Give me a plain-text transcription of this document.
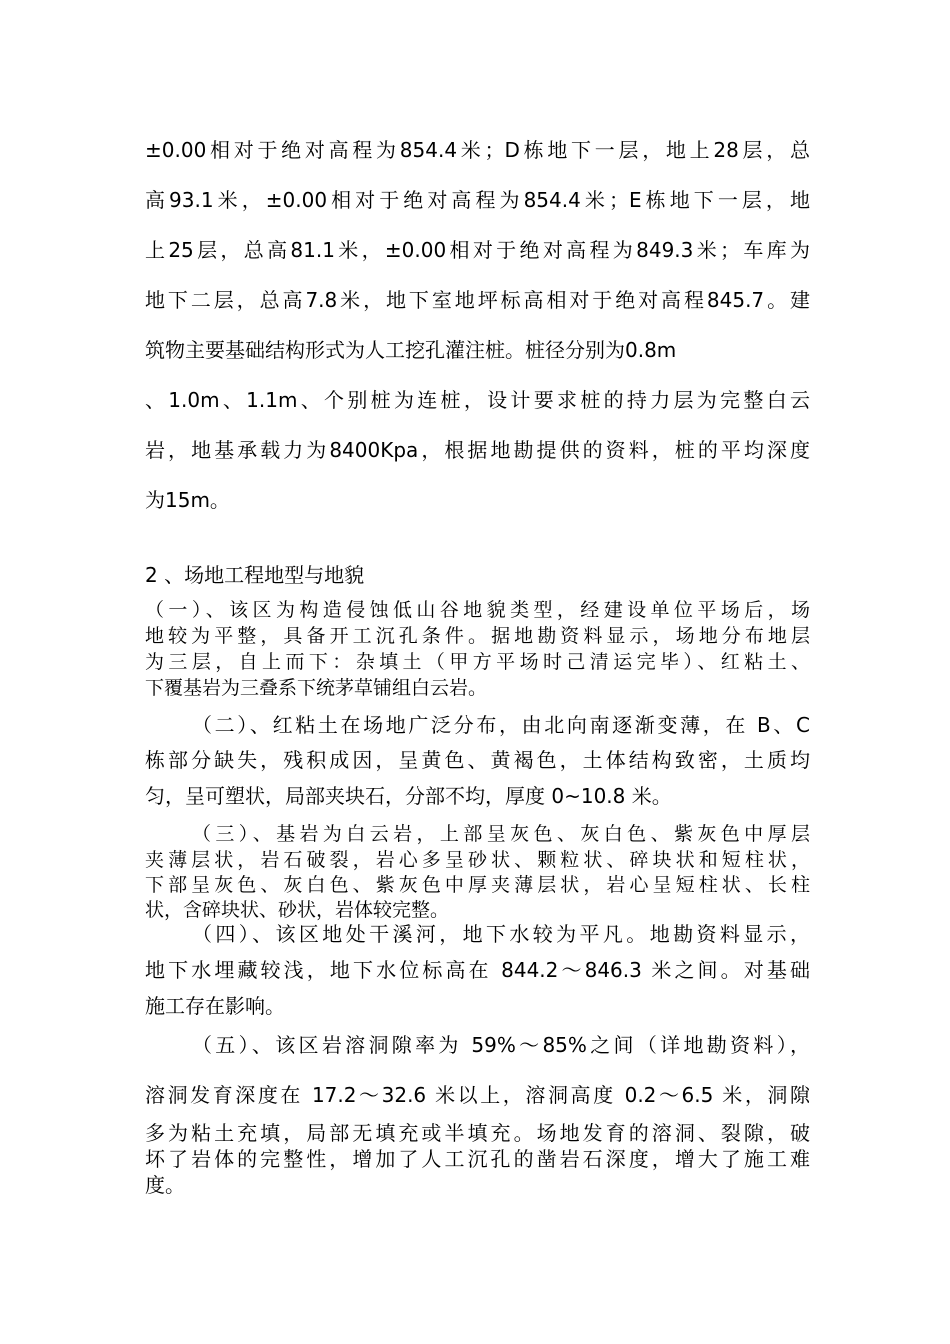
±0.00相对于绝对高程为854.4米；D栋地下一层，地上28层，总
高93.1米，±0.00相对于绝对高程为854.4米；E栋地下一层，地
上25层，总高81.1米，±0.00相对于绝对高程为849.3米；车库为
地下二层，总高7.8米，地下室地坪标高相对于绝对高程845.7。建
筑物主要基础结构形式为人工挖孔灌注桩。桩径分别为0.8m
、1.0m、1.1m、个别桩为连桩，设计要求桩的持力层为完整白云
岩，地基承载力为8400Kpa，根据地勘提供的资料，桩的平均深度
为15m。
2 、场地工程地型与地貌
（一）、该区为构造侵蚀低山谷地貌类型，经建设单位平场后，场
地较为平整，具备开工沉孔条件。据地勘资料显示，场地分布地层
为三层，自上而下：杂填土（甲方平场时己清运完毕）、红粘土、
下覆基岩为三叠系下统茅草铺组白云岩。
（二）、红粘土在场地广泛分布，由北向南逐渐变薄，在 B、C
栋部分缺失，残积成因，呈黄色、黄褐色，土体结构致密，土质均
匀，呈可塑状，局部夹块石，分部不均，厚度 0~10.8 米。
（三）、基岩为白云岩，上部呈灰色、灰白色、紫灰色中厚层
夹薄层状，岩石破裂，岩心多呈砂状、颗粒状、碎块状和短柱状，
下部呈灰色、灰白色、紫灰色中厚夹薄层状，岩心呈短柱状、长柱
状，含碎块状、砂状，岩体较完整。
（四）、该区地处干溪河，地下水较为平凡。地勘资料显示，
地下水埋藏较浅，地下水位标高在 844.2～846.3 米之间。对基础
施工存在影响。
（五）、该区岩溶洞隙率为 59%～85%之间（详地勘资料），
溶洞发育深度在 17.2～32.6 米以上，溶洞高度 0.2～6.5 米，洞隙
多为粘土充填，局部无填充或半填充。场地发育的溶洞、裂隙，破
坏了岩体的完整性，增加了人工沉孔的凿岩石深度，增大了施工难
度。
